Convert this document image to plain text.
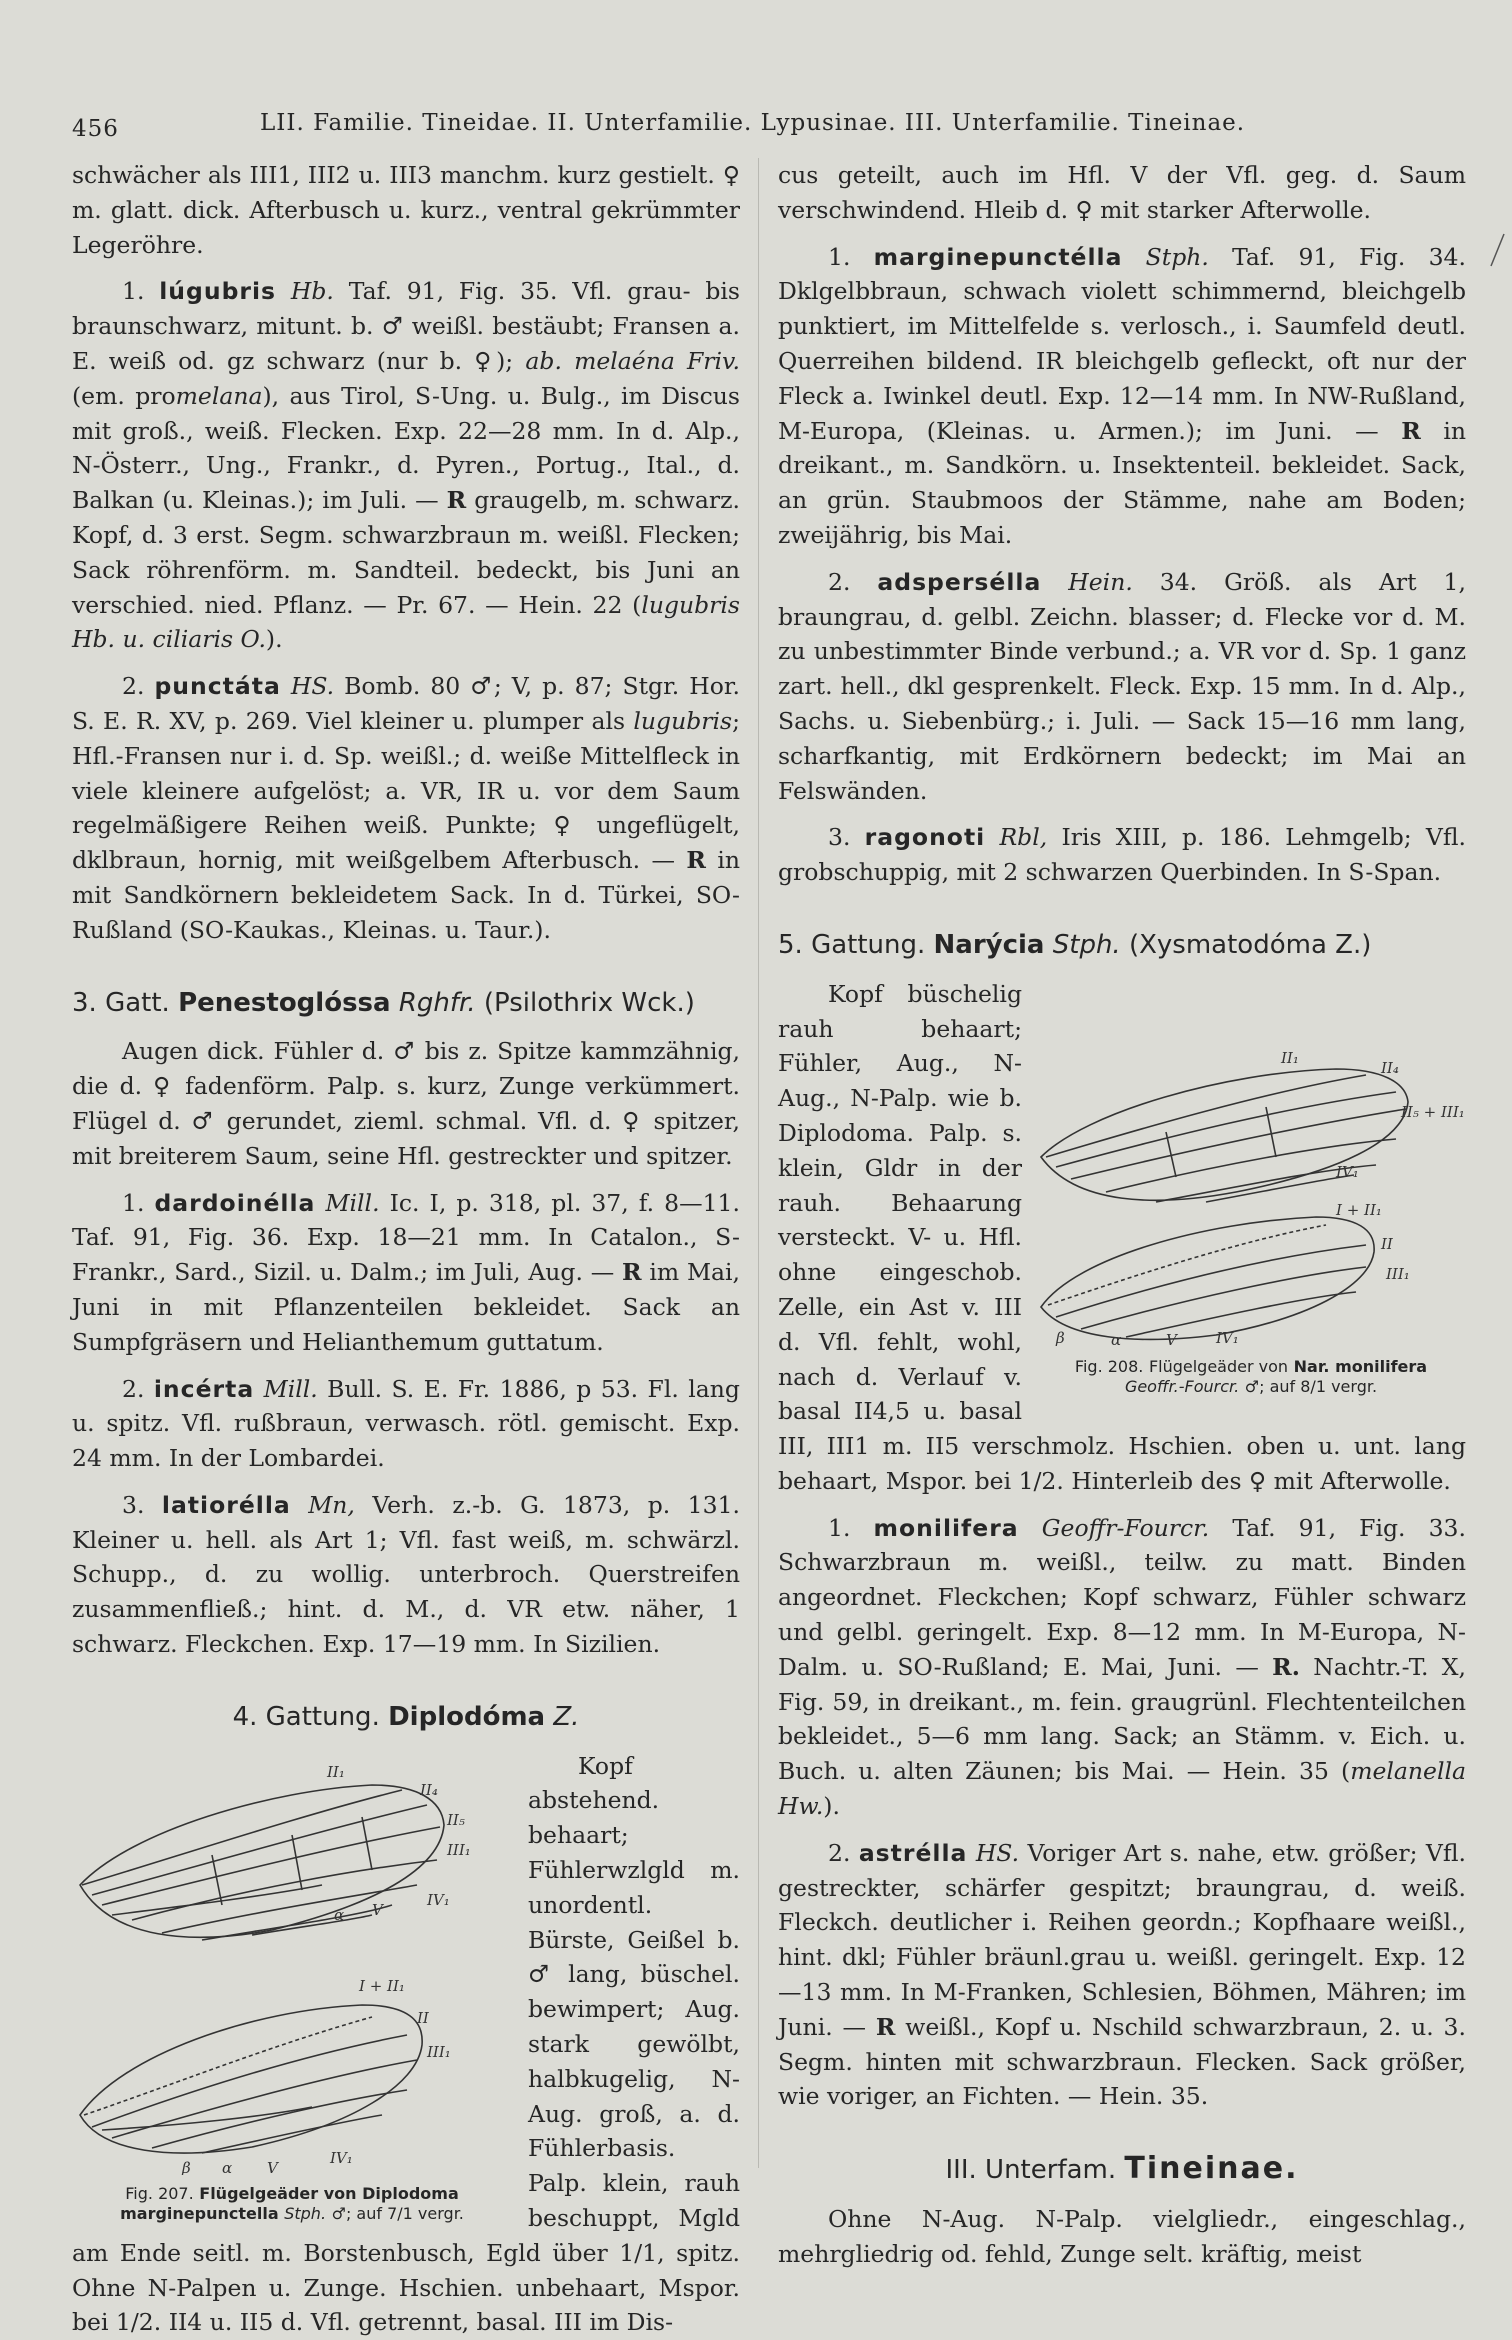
456	LII. Familie. Tineidae. II. Unterfamilie. Lypusinae. III. Unterfamilie. Tineinae.

schwächer als III1, III2 u. III3 manchm. kurz gestielt. ♀ m. glatt. dick. Afterbusch u. kurz., ventral gekrümmter Legeröhre.

1. lúgubris Hb. Taf. 91, Fig. 35. Vfl. grau- bis braunschwarz, mitunt. b. ♂ weißl. bestäubt; Fransen a. E. weiß od. gz schwarz (nur b. ♀); ab. melaéna Friv. (em. promelana), aus Tirol, S-Ung. u. Bulg., im Discus mit groß., weiß. Flecken. Exp. 22—28 mm. In d. Alp., N-Österr., Ung., Frankr., d. Pyren., Portug., Ital., d. Balkan (u. Kleinas.); im Juli. — R graugelb, m. schwarz. Kopf, d. 3 erst. Segm. schwarzbraun m. weißl. Flecken; Sack röhrenförm. m. Sandteil. bedeckt, bis Juni an verschied. nied. Pflanz. — Pr. 67. — Hein. 22 (lugubris Hb. u. ciliaris O.).

2. punctáta HS. Bomb. 80 ♂; V, p. 87; Stgr. Hor. S. E. R. XV, p. 269. Viel kleiner u. plumper als lugubris; Hfl.-Fransen nur i. d. Sp. weißl.; d. weiße Mittelfleck in viele kleinere aufgelöst; a. VR, IR u. vor dem Saum regelmäßigere Reihen weiß. Punkte; ♀ ungeflügelt, dklbraun, hornig, mit weißgelbem Afterbusch. — R in mit Sandkörnern bekleidetem Sack. In d. Türkei, SO-Rußland (SO-Kaukas., Kleinas. u. Taur.).

3. Gatt. Penestoglóssa Rghfr. (Psilothrix Wck.)

Augen dick. Fühler d. ♂ bis z. Spitze kammzähnig, die d. ♀ fadenförm. Palp. s. kurz, Zunge verkümmert. Flügel d. ♂ gerundet, zieml. schmal. Vfl. d. ♀ spitzer, mit breiterem Saum, seine Hfl. gestreckter und spitzer.

1. dardoinélla Mill. Ic. I, p. 318, pl. 37, f. 8—11. Taf. 91, Fig. 36. Exp. 18—21 mm. In Catalon., S-Frankr., Sard., Sizil. u. Dalm.; im Juli, Aug. — R im Mai, Juni in mit Pflanzenteilen bekleidet. Sack an Sumpfgräsern und Helianthemum guttatum.

2. incérta Mill. Bull. S. E. Fr. 1886, p 53. Fl. lang u. spitz. Vfl. rußbraun, verwasch. rötl. gemischt. Exp. 24 mm. In der Lombardei.

3. latiorélla Mn, Verh. z.-b. G. 1873, p. 131. Kleiner u. hell. als Art 1; Vfl. fast weiß, m. schwärzl. Schupp., d. zu wollig. unterbroch. Querstreifen zusammenfließ.; hint. d. M., d. VR etw. näher, 1 schwarz. Fleckchen. Exp. 17—19 mm. In Sizilien.

4. Gattung. Diplodóma Z.

II₁
II₄
II₅
III₁
α V
IV₁
I + II₁
II
III₁
β α V
IV₁
Fig. 207. Flügelgeäder von Diplodoma
marginepunctella Stph. ♂; auf 7/1 vergr.

Kopf abstehend. behaart; Fühlerwzlgld m. unordentl. Bürste, Geißel b. ♂ lang, büschel. bewimpert; Aug. stark gewölbt, halbkugelig, N-Aug. groß, a. d. Fühlerbasis. Palp. klein, rauh beschuppt, Mgld am Ende seitl. m. Borstenbusch, Egld über 1/1, spitz. Ohne N-Palpen u. Zunge. Hschien. unbehaart, Mspor. bei 1/2. II4 u. II5 d. Vfl. getrennt, basal. III im Dis-

cus geteilt, auch im Hfl. V der Vfl. geg. d. Saum verschwindend. Hleib d. ♀ mit starker Afterwolle.

1. marginepunctélla Stph. Taf. 91, Fig. 34. Dklgelbbraun, schwach violett schimmernd, bleichgelb punktiert, im Mittelfelde s. verlosch., i. Saumfeld deutl. Querreihen bildend. IR bleichgelb gefleckt, oft nur der Fleck a. Iwinkel deutl. Exp. 12—14 mm. In NW-Rußland, M-Europa, (Kleinas. u. Armen.); im Juni. — R in dreikant., m. Sandkörn. u. Insektenteil. bekleidet. Sack, an grün. Staubmoos der Stämme, nahe am Boden; zweijährig, bis Mai.

2. adspersélla Hein. 34. Größ. als Art 1, braungrau, d. gelbl. Zeichn. blasser; d. Flecke vor d. M. zu unbestimmter Binde verbund.; a. VR vor d. Sp. 1 ganz zart. hell., dkl gesprenkelt. Fleck. Exp. 15 mm. In d. Alp., Sachs. u. Siebenbürg.; i. Juli. — Sack 15—16 mm lang, scharfkantig, mit Erdkörnern bedeckt; im Mai an Felswänden.

3. ragonoti Rbl, Iris XIII, p. 186. Lehmgelb; Vfl. grobschuppig, mit 2 schwarzen Querbinden. In S-Span.

5. Gattung. Narýcia Stph. (Xysmatodóma Z.)

II₁
II₄
II₅ + III₁
IV₁
I + II₁
II
III₁
β	α	V	IV₁
Fig. 208. Flügelgeäder von Nar. monilifera
Geoffr.-Fourcr. ♂; auf 8/1 vergr.

Kopf büschelig rauh behaart; Fühler, Aug., N-Aug., N-Palp. wie b. Diplodoma. Palp. s. klein, Gldr in der rauh. Behaarung versteckt. V- u. Hfl. ohne eingeschob. Zelle, ein Ast v. III d. Vfl. fehlt, wohl, nach d. Verlauf v. basal II4,5 u. basal III, III1 m. II5 verschmolz. Hschien. oben u. unt. lang behaart, Mspor. bei 1/2. Hinterleib des ♀ mit Afterwolle.

1. monilifera Geoffr-Fourcr. Taf. 91, Fig. 33. Schwarzbraun m. weißl., teilw. zu matt. Binden angeordnet. Fleckchen; Kopf schwarz, Fühler schwarz und gelbl. geringelt. Exp. 8—12 mm. In M-Europa, N-Dalm. u. SO-Rußland; E. Mai, Juni. — R. Nachtr.-T. X, Fig. 59, in dreikant., m. fein. graugrünl. Flechtenteilchen bekleidet., 5—6 mm lang. Sack; an Stämm. v. Eich. u. Buch. u. alten Zäunen; bis Mai. — Hein. 35 (melanella Hw.).

2. astrélla HS. Voriger Art s. nahe, etw. größer; Vfl. gestreckter, schärfer gespitzt; braungrau, d. weiß. Fleckch. deutlicher i. Reihen geordn.; Kopfhaare weißl., hint. dkl; Fühler bräunl.grau u. weißl. geringelt. Exp. 12—13 mm. In M-Franken, Schlesien, Böhmen, Mähren; im Juni. — R weißl., Kopf u. Nschild schwarzbraun, 2. u. 3. Segm. hinten mit schwarzbraun. Flecken. Sack größer, wie voriger, an Fichten. — Hein. 35.

III. Unterfam. Tineinae.

Ohne N-Aug. N-Palp. vielgliedr., eingeschlag., mehrgliedrig od. fehld, Zunge selt. kräftig, meist
